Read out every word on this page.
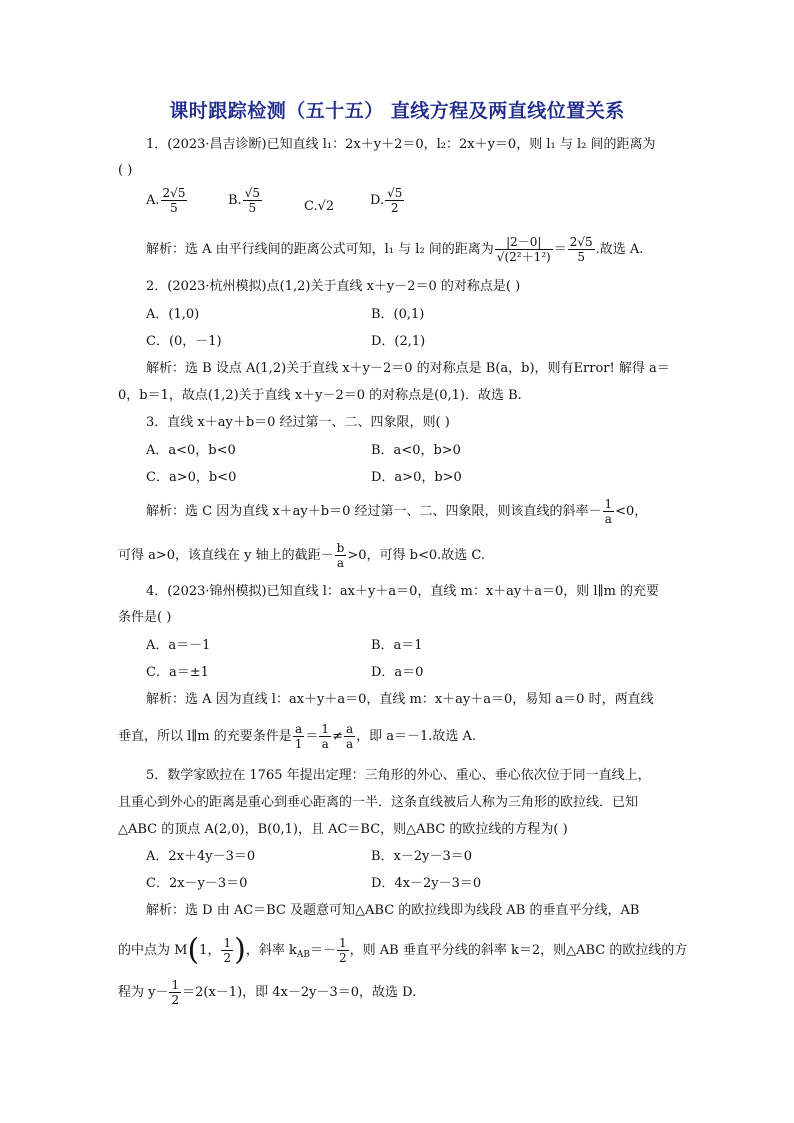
课时跟踪检测（五十五） 直线方程及两直线位置关系
1．(2023·昌吉诊断)已知直线 l₁：2x＋y＋2＝0，l₂：2x＋y＝0，则 l₁ 与 l₂ 间的距离为
( )
A. $\frac{2√5}{5}$	B. $\frac{√5}{5}$	C.√2	D. $\frac{√5}{2}$
解析：选 A 由平行线间的距离公式可知，l₁ 与 l₂ 间的距离为 $\frac{|2-0|}{\text{√(2²＋1²)}} = \frac{2√5}{5}$ .故选 A.
2．(2023·杭州模拟)点(1,2)关于直线 x＋y－2＝0 的对称点是( )
A．(1,0)	B．(0,1)
C．(0，－1)	D．(2,1)
解析：选 B 设点 A(1,2)关于直线 x＋y－2＝0 的对称点是 B(a，b)，则有Error! 解得 a＝
0，b＝1，故点(1,2)关于直线 x＋y－2＝0 的对称点是(0,1)．故选 B.
3．直线 x＋ay＋b＝0 经过第一、二、四象限，则( )
A．a<0，b<0	B．a<0，b>0
C．a>0，b<0	D．a>0，b>0
解析：选 C 因为直线 x＋ay＋b＝0 经过第一、二、四象限，则该直线的斜率－ $\frac{1}{a} <0$，
可得 a>0，该直线在 y 轴上的截距－ $\frac{b}{a} >0$，可得 b<0.故选 C.
4．(2023·锦州模拟)已知直线 l：ax＋y＋a＝0，直线 m：x＋ay＋a＝0，则 l∥m 的充要
条件是( )
A．a＝－1	B．a＝1
C．a＝±1	D．a＝0
解析：选 A 因为直线 l：ax＋y＋a＝0，直线 m：x＋ay＋a＝0，易知 a＝0 时，两直线
垂直，所以 l∥m 的充要条件是 $\frac{a}{1} = \frac{1}{a} \ne \frac{a}{a}$ ，即 a＝－1.故选 A.
5．数学家欧拉在 1765 年提出定理：三角形的外心、重心、垂心依次位于同一直线上，
且重心到外心的距离是重心到垂心距离的一半．这条直线被后人称为三角形的欧拉线．已知
△ABC 的顶点 A(2,0)，B(0,1)，且 AC＝BC，则△ABC 的欧拉线的方程为( )
A．2x＋4y－3＝0	B．x－2y－3＝0
C．2x－y－3＝0	D．4x－2y－3＝0
解析：选 D 由 AC＝BC 及题意可知△ABC 的欧拉线即为线段 AB 的垂直平分线，AB
的中点为 M(1， $\frac{1}{2}$ )，斜率 $k_{AB}=- \frac{1}{2}$ ，则 AB 垂直平分线的斜率 k＝2，则△ABC 的欧拉线的方
程为 $y- \frac{1}{2} =2(x-1)$，即 4x－2y－3＝0，故选 D.
